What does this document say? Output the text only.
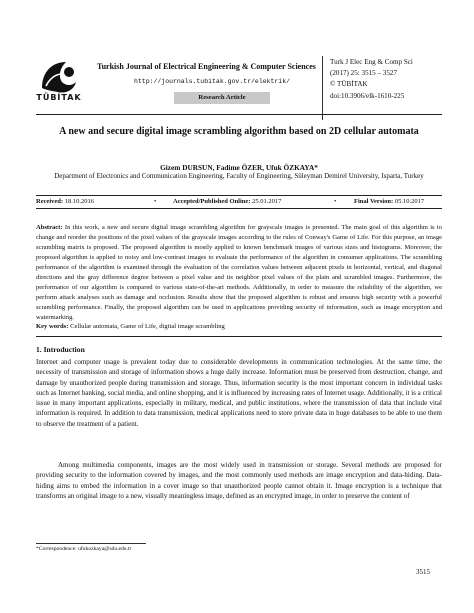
TÜBİTAK
Turkish Journal of Electrical Engineering & Computer Sciences
http://journals.tubitak.gov.tr/elektrik/
Research Article
Turk J Elec Eng & Comp Sci
(2017) 25: 3515 – 3527
© TÜBİTAK
doi:10.3906/elk-1610-225
A new and secure digital image scrambling algorithm based on 2D cellular automata
Gizem DURSUN, Fadime ÖZER, Ufuk ÖZKAYA*
Department of Electronics and Communication Engineering, Faculty of Engineering, Süleyman Demirel University, Isparta, Turkey
Received: 18.10.2016	•	Accepted/Published Online: 25.01.2017	•	Final Version: 05.10.2017
Abstract: In this work, a new and secure digital image scrambling algorithm for grayscale images is presented. The main goal of this algorithm is to change and reorder the positions of the pixel values of the grayscale images according to the rules of Conway's Game of Life. For this purpose, an image scrambling matrix is proposed. The proposed algorithm is mostly applied to known benchmark images of various sizes and histograms. Moreover, the proposed algorithm is applied to noisy and low-contrast images to evaluate the performance of the algorithm in consumer applications. The scrambling performance of the algorithm is examined through the evaluation of the correlation values between adjacent pixels in horizontal, vertical, and diagonal directions and the gray difference degree between a pixel value and its neighbor pixel values of the plain and scrambled images. Furthermore, the performance of our algorithm is compared to various state-of-the-art methods. Additionally, in order to measure the reliability of the algorithm, we perform attack analyses such as damage and occlusion. Results show that the proposed algorithm is robust and ensures high security with a powerful scrambling performance. Finally, the proposed algorithm can be used in applications providing security of information, such as image encryption and watermarking.
Key words: Cellular automata, Game of Life, digital image scrambling
1. Introduction
Internet and computer usage is prevalent today due to considerable developments in communication technologies. At the same time, the necessity of transmission and storage of information shows a huge daily increase. Information must be preserved from destruction, change, and damage by unauthorized people during transmission and storage. Thus, information security is the most important concern in individual tasks such as Internet banking, social media, and online shopping, and it is influenced by increasing rates of Internet usage. Additionally, it is a critical issue in many important applications, especially in military, medical, and public institutions, where the transmission of data that include vital information is required. In addition to data transmission, medical applications need to store private data in huge databases to be able to use them to observe the treatment of a patient.
Among multimedia components, images are the most widely used in transmission or storage. Several methods are proposed for providing security to the information covered by images, and the most commonly used methods are image encryption and data-hiding. Data-hiding aims to embed the information in a cover image so that unauthorized people cannot obtain it. Image encryption is a technique that transforms an original image to a new, visually meaningless image, defined as an encrypted image, in order to preserve the content of
*Correspondence: ufukozkaya@sdu.edu.tr
3515
